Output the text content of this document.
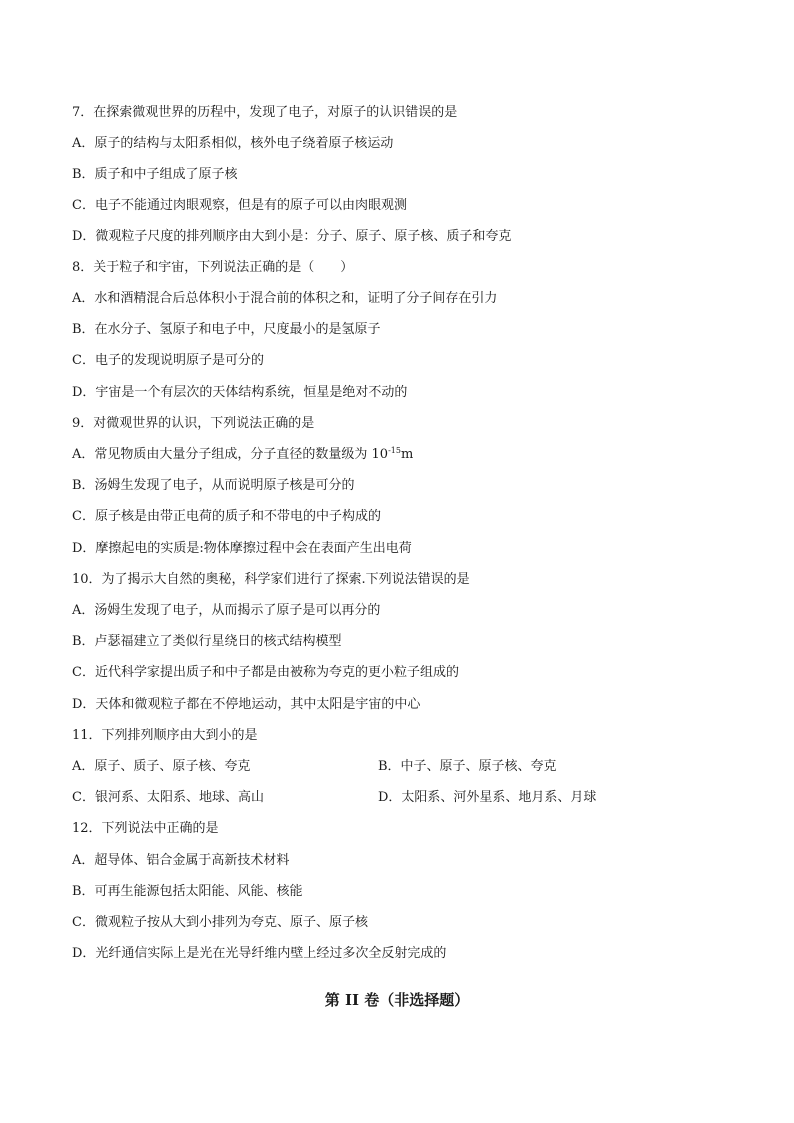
7．在探索微观世界的历程中，发现了电子，对原子的认识错误的是
A．原子的结构与太阳系相似，核外电子绕着原子核运动
B．质子和中子组成了原子核
C．电子不能通过肉眼观察，但是有的原子可以由肉眼观测
D．微观粒子尺度的排列顺序由大到小是：分子、原子、原子核、质子和夸克
8．关于粒子和宇宙，下列说法正确的是（　　）
A．水和酒精混合后总体积小于混合前的体积之和，证明了分子间存在引力
B．在水分子、氢原子和电子中，尺度最小的是氢原子
C．电子的发现说明原子是可分的
D．宇宙是一个有层次的天体结构系统，恒星是绝对不动的
9．对微观世界的认识，下列说法正确的是
A．常见物质由大量分子组成，分子直径的数量级为 $10^{-15}m$
B．汤姆生发现了电子，从而说明原子核是可分的
C．原子核是由带正电荷的质子和不带电的中子构成的
D．摩擦起电的实质是:物体摩擦过程中会在表面产生出电荷
10．为了揭示大自然的奥秘，科学家们进行了探索.下列说法错误的是
A．汤姆生发现了电子，从而揭示了原子是可以再分的
B．卢瑟福建立了类似行星绕日的核式结构模型
C．近代科学家提出质子和中子都是由被称为夸克的更小粒子组成的
D．天体和微观粒子都在不停地运动，其中太阳是宇宙的中心
11．下列排列顺序由大到小的是
A．原子、质子、原子核、夸克	B．中子、原子、原子核、夸克
C．银河系、太阳系、地球、高山	D．太阳系、河外星系、地月系、月球
12．下列说法中正确的是
A．超导体、铝合金属于高新技术材料
B．可再生能源包括太阳能、风能、核能
C．微观粒子按从大到小排列为夸克、原子、原子核
D．光纤通信实际上是光在光导纤维内壁上经过多次全反射完成的
第 II 卷（非选择题）
